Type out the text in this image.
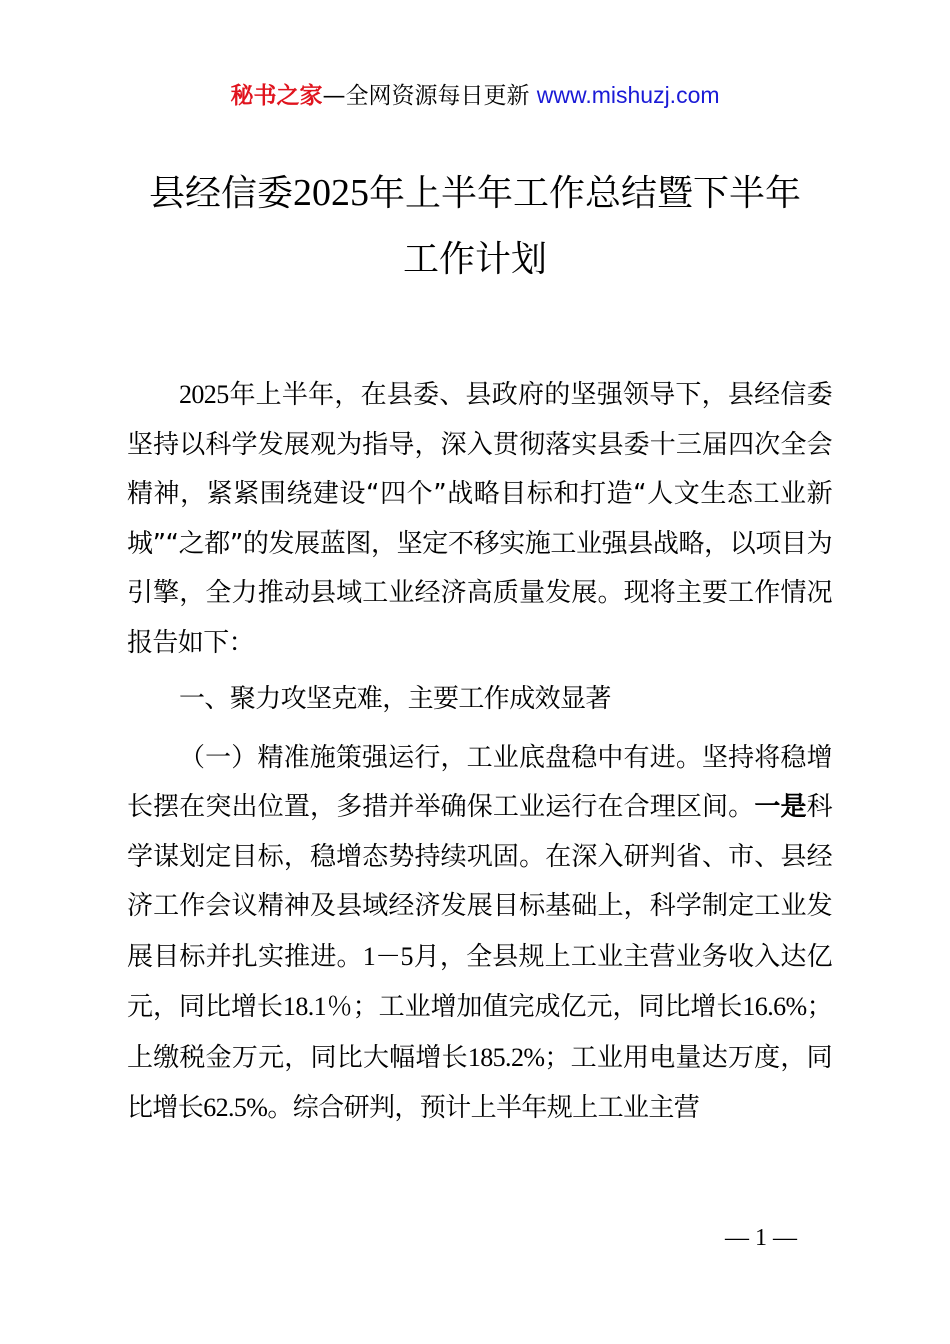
秘书之家—全网资源每日更新 www.mishuzj.com
县经信委2025年上半年工作总结暨下半年
工作计划

2025年上半年，在县委、县政府的坚强领导下，县经信委坚持以科学发展观为指导，深入贯彻落实县委十三届四次全会精神，紧紧围绕建设“四个”战略目标和打造“人文生态工业新城”“之都”的发展蓝图，坚定不移实施工业强县战略，以项目为引擎，全力推动县域工业经济高质量发展。现将主要工作情况报告如下：

一、聚力攻坚克难，主要工作成效显著

（一）精准施策强运行，工业底盘稳中有进。坚持将稳增长摆在突出位置，多措并举确保工业运行在合理区间。一是科学谋划定目标，稳增态势持续巩固。在深入研判省、市、县经济工作会议精神及县域经济发展目标基础上，科学制定工业发展目标并扎实推进。1－5月，全县规上工业主营业务收入达亿元，同比增长18.1％；工业增加值完成亿元，同比增长16.6%；上缴税金万元，同比大幅增长185.2%；工业用电量达万度，同比增长62.5%。综合研判，预计上半年规上工业主营

— 1 —
